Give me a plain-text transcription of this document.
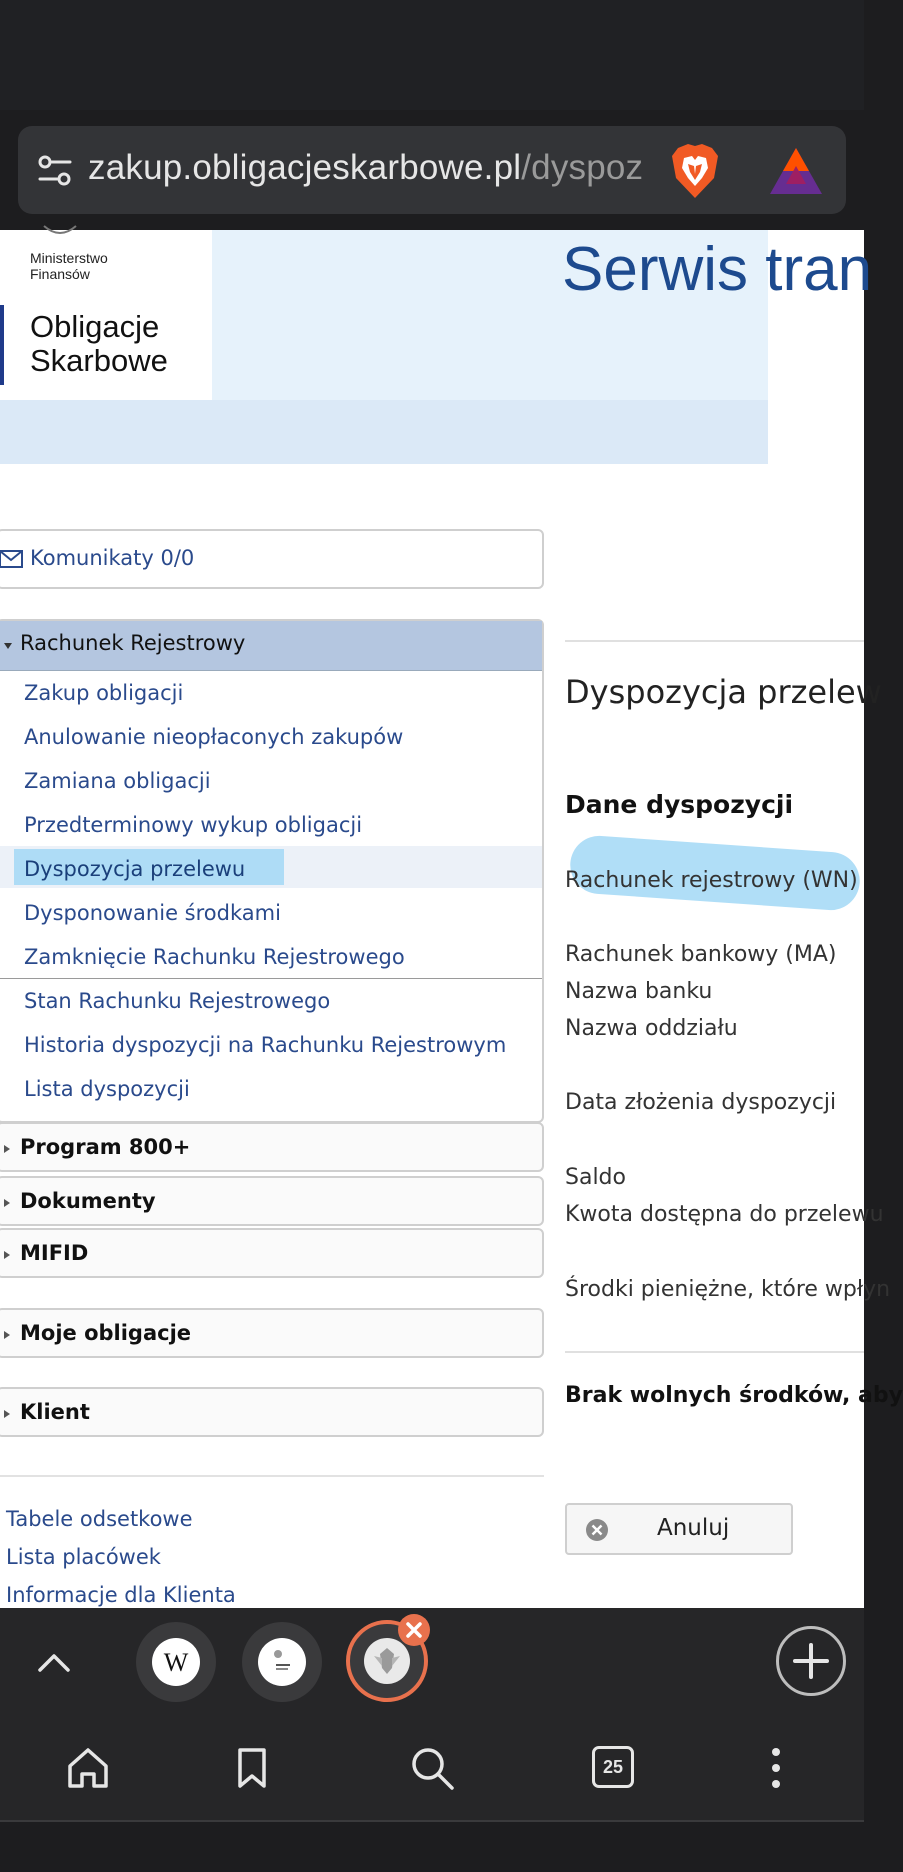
zakup.obligacjeskarbowe.pl/dyspoz
Ministerstwo Finansów
Obligacje
Skarbowe
Serwis tran
Komunikaty 0/0
Rachunek Rejestrowy
Zakup obligacji
Anulowanie nieopłaconych zakupów
Zamiana obligacji
Przedterminowy wykup obligacji
Dyspozycja przelewu
Dysponowanie środkami
Zamknięcie Rachunku Rejestrowego
Stan Rachunku Rejestrowego
Historia dyspozycji na Rachunku Rejestrowym
Lista dyspozycji
Program 800+
Dokumenty
MIFID
Moje obligacje
Klient
Tabele odsetkowe
Lista placówek
Informacje dla Klienta
Dyspozycja przelew
Dane dyspozycji
Rachunek rejestrowy (WN)
Rachunek bankowy (MA)
Nazwa banku
Nazwa oddziału
Data złożenia dyspozycji
Saldo
Kwota dostępna do przelewu
Środki pieniężne, które wpłyn
Brak wolnych środków, aby
Anuluj
W
25
